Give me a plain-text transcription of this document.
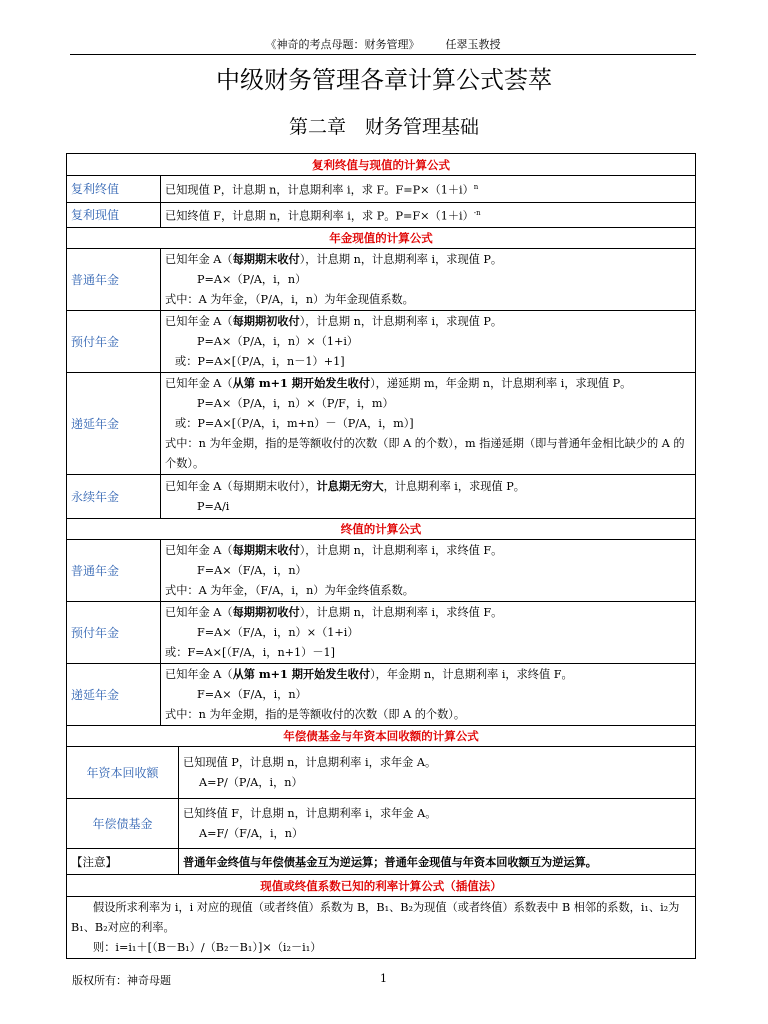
《神奇的考点母题：财务管理》 任翠玉教授
中级财务管理各章计算公式荟萃
第二章　财务管理基础
复利终值与现值的计算公式		
复利终值	已知现值 P，计息期 n，计息期利率 i，求 F。$F=P\times(1+i)^n$
复利现值	已知终值 F，计息期 n，计息期利率 i，求 P。$P=F\times(1+i)^{-n}$
年金现值的计算公式		
普通年金	已知年金 A（每期期末收付），计息期 n，计息期利率 i，求现值 P。
P=A×（P/A，i，n）
式中：A 为年金，（P/A，i，n）为年金现值系数。	

预付年金	已知年金 A（每期期初收付），计息期 n，计息期利率 i，求现值 P。
P=A×（P/A，i，n）×（1+i）
或：P=A×[（P/A，i，n－1）+1]	

递延年金	已知年金 A（从第 m+1 期开始发生收付），递延期 m，年金期 n，计息期利率 i，求现值 P。
P=A×（P/A，i，n）×（P/F，i，m）
或：P=A×[（P/A，i，m+n）－（P/A，i，m）]
式中：n 为年金期，指的是等额收付的次数（即 A 的个数），m 指递延期（即与普通年金相比缺少的 A 的个数）。	

永续年金	已知年金 A（每期期末收付），计息期无穷大，计息期利率 i，求现值 P。
P=A/i	

终值的计算公式		
普通年金	已知年金 A（每期期末收付），计息期 n，计息期利率 i，求终值 F。
F=A×（F/A，i，n）
式中：A 为年金，（F/A，i，n）为年金终值系数。	

预付年金	已知年金 A（每期期初收付），计息期 n，计息期利率 i，求终值 F。
F=A×（F/A，i，n）×（1+i）
或：F=A×[（F/A，i，n+1）－1]	

递延年金	已知年金 A（从第 m+1 期开始发生收付），年金期 n，计息期利率 i，求终值 F。
F=A×（F/A，i，n）
式中：n 为年金期，指的是等额收付的次数（即 A 的个数）。	

年偿债基金与年资本回收额的计算公式		
年资本回收额		已知现值 P，计息期 n，计息期利率 i，求年金 A。
A=P/（P/A，i，n）

年偿债基金		已知终值 F，计息期 n，计息期利率 i，求年金 A。
A=F/（F/A，i，n）

【注意】		普通年金终值与年偿债基金互为逆运算；普通年金现值与年资本回收额互为逆运算。

现值或终值系数已知的利率计算公式（插值法）		

假设所求利率为 i，i 对应的现值（或者终值）系数为 B，B₁、B₂为现值（或者终值）系数表中 B 相邻的系数，i₁、i₂为 B₁、B₂对应的利率。
则：i=i₁＋[（B－B₁）/（B₂－B₁）]×（i₂－i₁）		
版权所有：神奇母题	1
